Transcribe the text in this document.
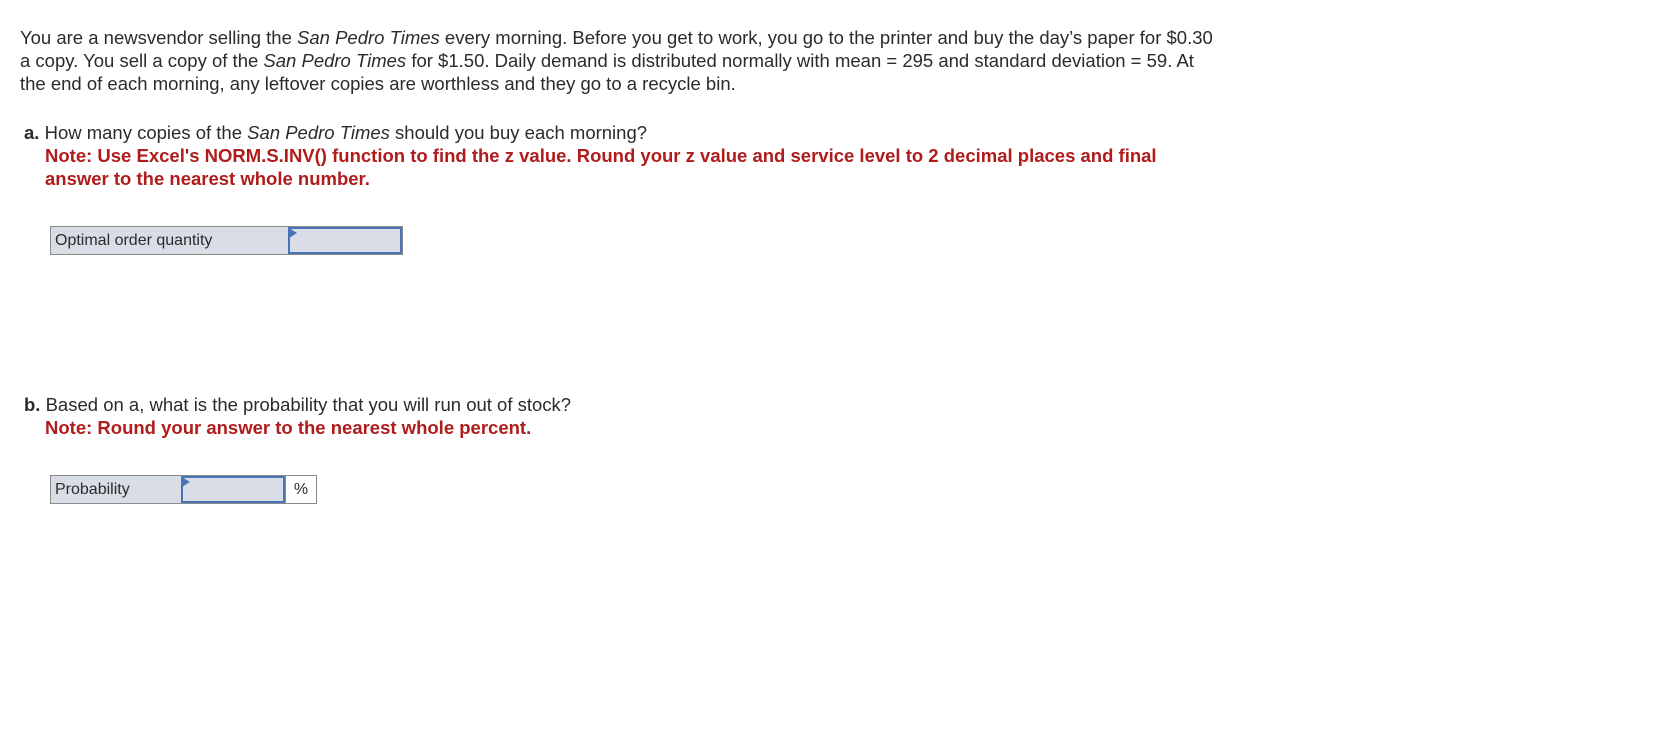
You are a newsvendor selling the San Pedro Times every morning. Before you get to work, you go to the printer and buy the day’s paper for $0.30 a copy. You sell a copy of the San Pedro Times for $1.50. Daily demand is distributed normally with mean = 295 and standard deviation = 59. At the end of each morning, any leftover copies are worthless and they go to a recycle bin.

a. How many copies of the San Pedro Times should you buy each morning?
Note: Use Excel's NORM.S.INV() function to find the z value. Round your z value and service level to 2 decimal places and final answer to the nearest whole number.

Optimal order quantity

b. Based on a, what is the probability that you will run out of stock?
Note: Round your answer to the nearest whole percent.

Probability	%
